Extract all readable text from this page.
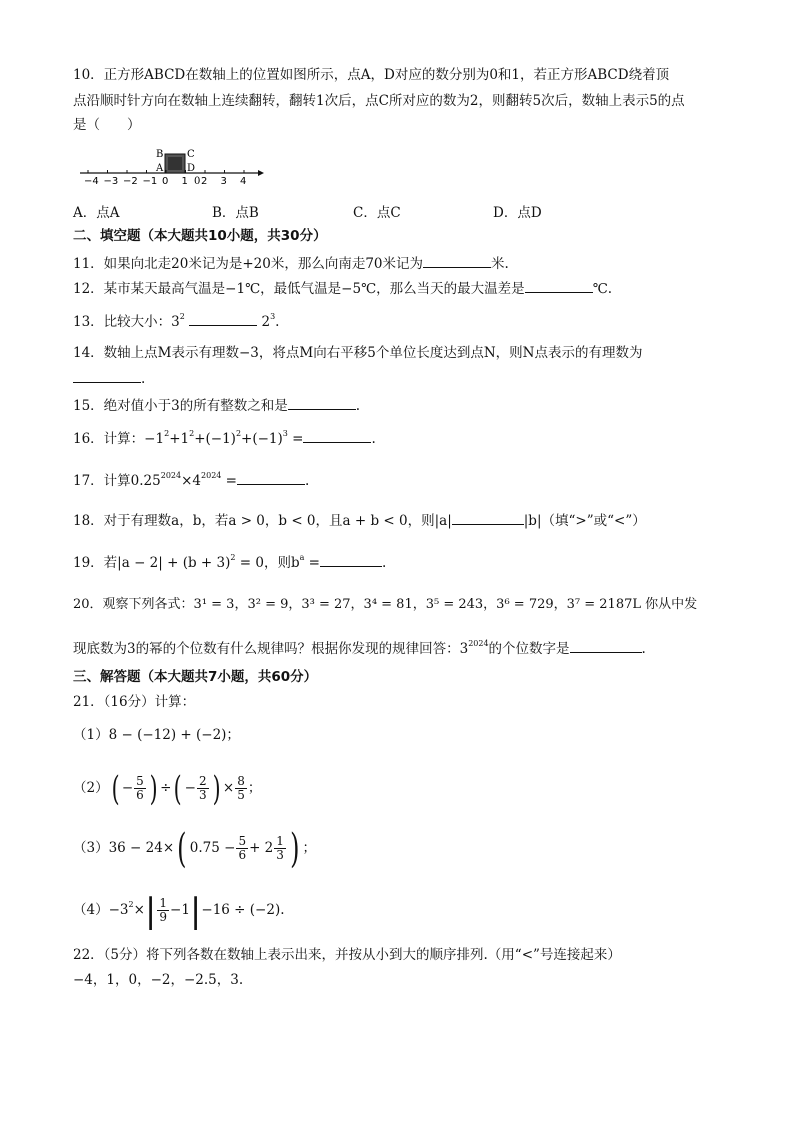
10．正方形ABCD在数轴上的位置如图所示，点A，D对应的数分别为0和1，若正方形ABCD绕着顶
点沿顺时针方向在数轴上连续翻转，翻转1次后，点C所对应的数为2，则翻转5次后，数轴上表示5的点
是（　　）
B C
A D
−4 −3 −2 −1 0 1 2 3 4
0
A．点A	B．点B	C．点C	D．点D
二、填空题（本大题共10小题，共30分）
11．如果向北走20米记为是+20米，那么向南走70米记为	米.
12．某市某天最高气温是−1℃，最低气温是−5℃，那么当天的最大温差是	℃.
13．比较大小：$3^2$	$2^3$.
14．数轴上点M表示有理数−3，将点M向右平移5个单位长度达到点N，则N点表示的有理数为
.
15．绝对值小于3的所有整数之和是	.
16．计算：$-1^2+1^2+(-1)^2+(-1)^3$ =	.
17．计算$0.25^{2024}\times 4^{2024}$ =	.
18．对于有理数a，b，若a > 0，b < 0，且a + b < 0，则|a|	|b|（填“>”或“<”）
19．若$|a - 2| + (b + 3)^2 = 0$，则$b^a$ =	.
20．观察下列各式：3¹ = 3，3² = 9，3³ = 27，3⁴ = 81，3⁵ = 243，3⁶ = 729，3⁷ = 2187L 你从中发
现底数为3的幂的个位数有什么规律吗？根据你发现的规律回答：$3^{2024}$的个位数字是	.
三、解答题（本大题共7小题，共60分）
21．（16分）计算：
（1）8 − (−12) + (−2)；
$(2)( - \frac{5}{6}$ ) ÷( − $\frac{2}{3}$ ) × $\frac{8}{5}$ ；
（3）36 − 24×( $0.75 - \frac{5}{6} + 2 \frac{1}{3}$ ) ；
$(4)-3^2\times| \frac{1}{9} -1|-16 \div (-2)$.
22．（5分）将下列各数在数轴上表示出来，并按从小到大的顺序排列.（用“<”号连接起来）
−4，1，0，−2，−2.5，3.
